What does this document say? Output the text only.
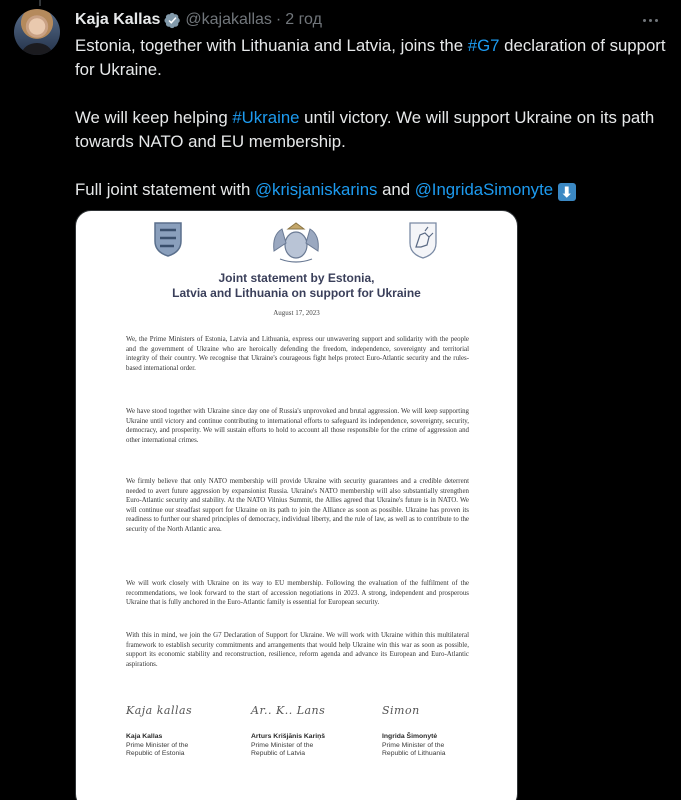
Kaja Kallas @kajakallas · 2 год

Estonia, together with Lithuania and Latvia, joins the #G7 declaration of support for Ukraine.

We will keep helping #Ukraine until victory. We will support Ukraine on its path towards NATO and EU membership.

Full joint statement with @krisjaniskarins and @IngridaSimonyte ⬇

Joint statement by Estonia,
Latvia and Lithuania on support for Ukraine
August 17, 2023
We, the Prime Ministers of Estonia, Latvia and Lithuania, express our unwavering support and solidarity with the people and the government of Ukraine who are heroically defending the freedom, independence, sovereignty and territorial integrity of their country. We recognise that Ukraine's courageous fight helps protect Euro-Atlantic security and the rules-based international order.
We have stood together with Ukraine since day one of Russia's unprovoked and brutal aggression. We will keep supporting Ukraine until victory and continue contributing to international efforts to safeguard its independence, sovereignty, security, democracy, and prosperity. We will sustain efforts to hold to account all those responsible for the crime of aggression and other international crimes.
We firmly believe that only NATO membership will provide Ukraine with security guarantees and a credible deterrent needed to avert future aggression by expansionist Russia. Ukraine's NATO membership will also substantially strengthen Euro-Atlantic security and stability. At the NATO Vilnius Summit, the Allies agreed that Ukraine's future is in NATO. We will continue our steadfast support for Ukraine on its path to join the Alliance as soon as possible. Ukraine has proven its readiness to further our shared principles of democracy, individual liberty, and the rule of law, as well as to contribute to the security of the North Atlantic area.
We will work closely with Ukraine on its way to EU membership. Following the evaluation of the fulfilment of the recommendations, we look forward to the start of accession negotiations in 2023. A strong, independent and prosperous Ukraine that is fully anchored in the Euro-Atlantic family is essential for European security.
With this in mind, we join the G7 Declaration of Support for Ukraine. We will work with Ukraine within this multilateral framework to establish security commitments and arrangements that would help Ukraine win this war as soon as possible, support its economic stability and reconstruction, resilience, reform agenda and advance its European and Euro-Atlantic aspirations.
Kaja kallas
Kaja Kallas
Prime Minister of the
Republic of Estonia
Ar.. K.. Lans
Arturs Krišjānis Kariņš
Prime Minister of the
Republic of Latvia
Simon
Ingrida Šimonytė
Prime Minister of the
Republic of Lithuania
